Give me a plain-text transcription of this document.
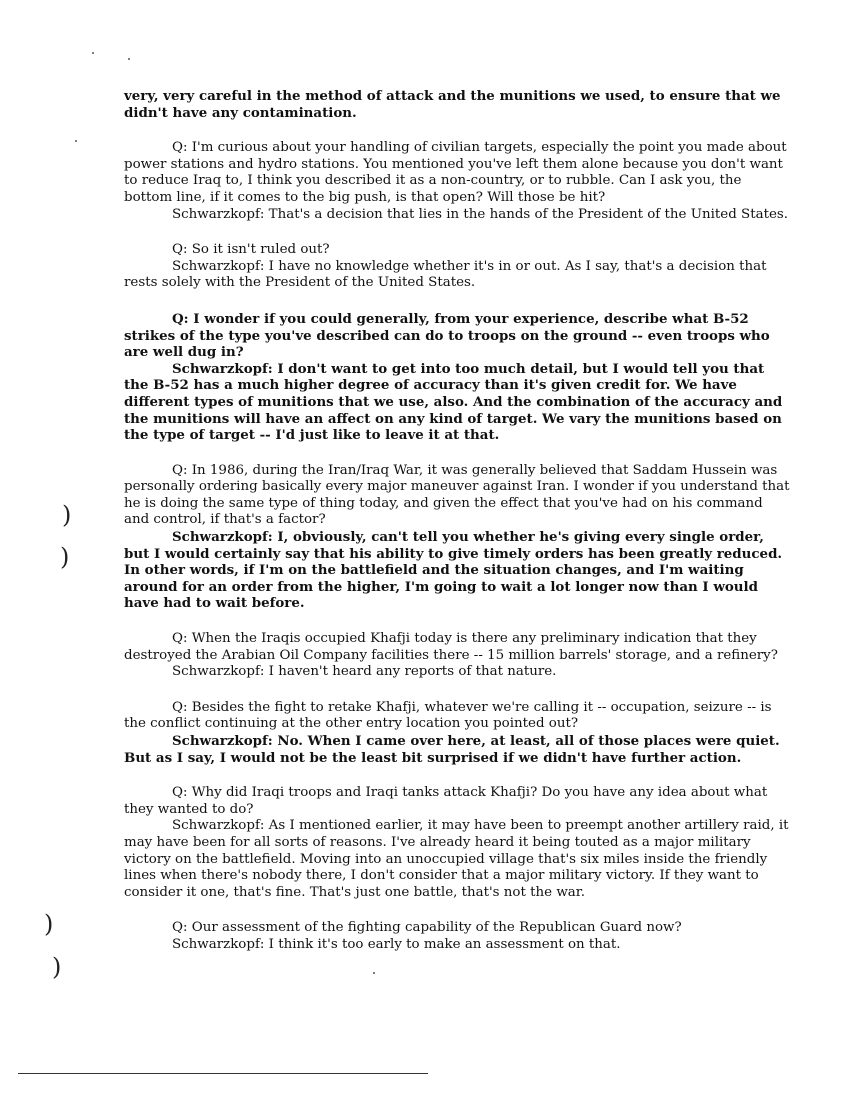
)
)
)
)

very, very careful in the method of attack and the munitions we used, to ensure that we didn't have any contamination.

Q: I'm curious about your handling of civilian targets, especially the point you made about power stations and hydro stations. You mentioned you've left them alone because you don't want to reduce Iraq to, I think you described it as a non-country, or to rubble. Can I ask you, the bottom line, if it comes to the big push, is that open? Will those be hit?

Schwarzkopf: That's a decision that lies in the hands of the President of the United States.

Q: So it isn't ruled out?

Schwarzkopf: I have no knowledge whether it's in or out. As I say, that's a decision that rests solely with the President of the United States.

Q: I wonder if you could generally, from your experience, describe what B-52 strikes of the type you've described can do to troops on the ground -- even troops who are well dug in?

Schwarzkopf: I don't want to get into too much detail, but I would tell you that the B-52 has a much higher degree of accuracy than it's given credit for. We have different types of munitions that we use, also. And the combination of the accuracy and the munitions will have an affect on any kind of target. We vary the munitions based on the type of target -- I'd just like to leave it at that.

Q: In 1986, during the Iran/Iraq War, it was generally believed that Saddam Hussein was personally ordering basically every major maneuver against Iran. I wonder if you understand that he is doing the same type of thing today, and given the effect that you've had on his command and control, if that's a factor?

Schwarzkopf: I, obviously, can't tell you whether he's giving every single order, but I would certainly say that his ability to give timely orders has been greatly reduced. In other words, if I'm on the battlefield and the situation changes, and I'm waiting around for an order from the higher, I'm going to wait a lot longer now than I would have had to wait before.

Q: When the Iraqis occupied Khafji today is there any preliminary indication that they destroyed the Arabian Oil Company facilities there -- 15 million barrels' storage, and a refinery?

Schwarzkopf: I haven't heard any reports of that nature.

Q: Besides the fight to retake Khafji, whatever we're calling it -- occupation, seizure -- is the conflict continuing at the other entry location you pointed out?

Schwarzkopf: No. When I came over here, at least, all of those places were quiet. But as I say, I would not be the least bit surprised if we didn't have further action.

Q: Why did Iraqi troops and Iraqi tanks attack Khafji? Do you have any idea about what they wanted to do?

Schwarzkopf: As I mentioned earlier, it may have been to preempt another artillery raid, it may have been for all sorts of reasons. I've already heard it being touted as a major military victory on the battlefield. Moving into an unoccupied village that's six miles inside the friendly lines when there's nobody there, I don't consider that a major military victory. If they want to consider it one, that's fine. That's just one battle, that's not the war.

Q: Our assessment of the fighting capability of the Republican Guard now?

Schwarzkopf: I think it's too early to make an assessment on that.
